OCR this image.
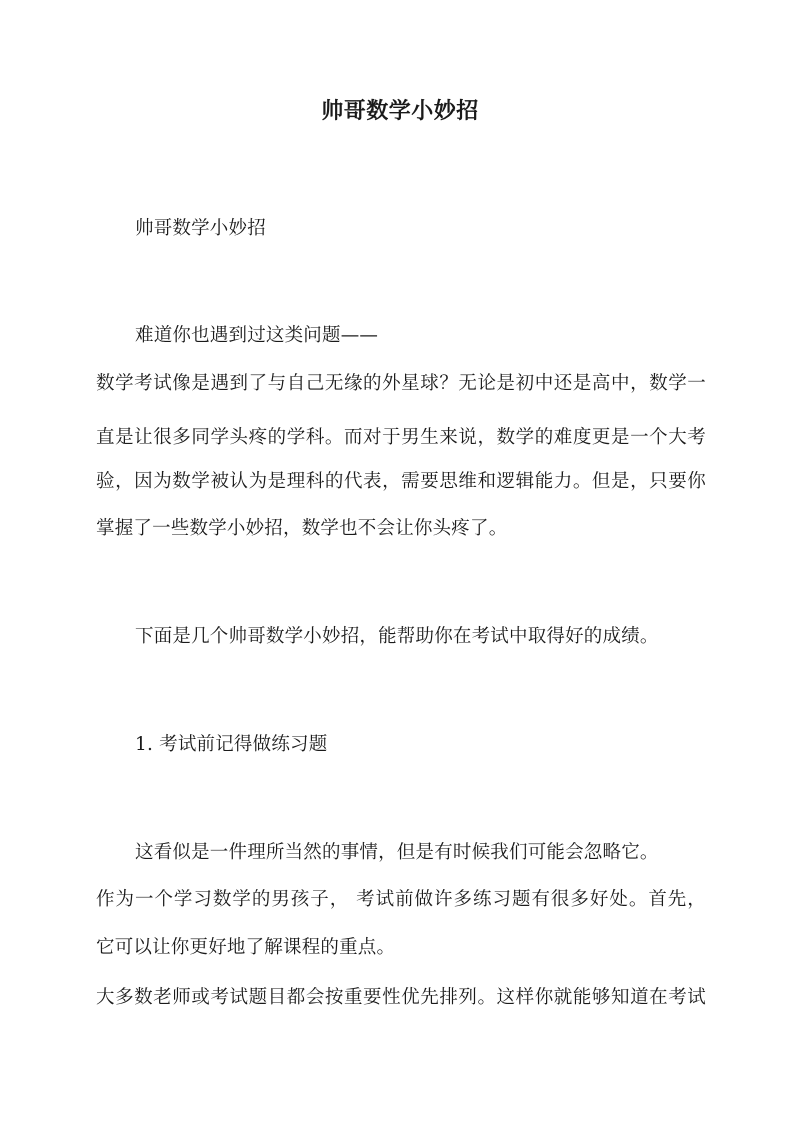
帅哥数学小妙招
帅哥数学小妙招
难道你也遇到过这类问题——
数学考试像是遇到了与自己无缘的外星球？无论是初中还是高中，数学一
直是让很多同学头疼的学科。而对于男生来说，数学的难度更是一个大考
验，因为数学被认为是理科的代表，需要思维和逻辑能力。但是，只要你
掌握了一些数学小妙招，数学也不会让你头疼了。
下面是几个帅哥数学小妙招，能帮助你在考试中取得好的成绩。
1. 考试前记得做练习题
这看似是一件理所当然的事情，但是有时候我们可能会忽略它。
作为一个学习数学的男孩子， 考试前做许多练习题有很多好处。首先，
它可以让你更好地了解课程的重点。
大多数老师或考试题目都会按重要性优先排列。这样你就能够知道在考试
